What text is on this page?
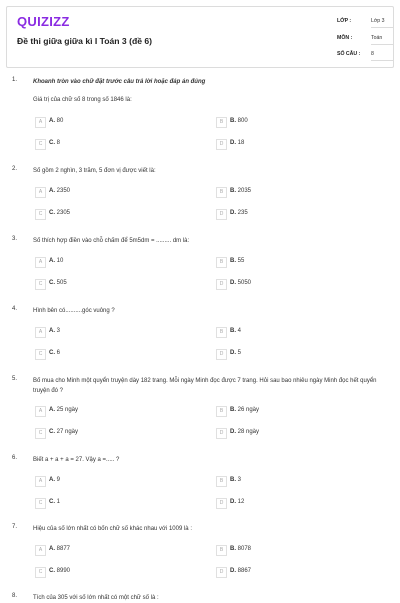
QUIZIZZ
Đề thi giữa giữa kì I Toán 3 (đề 6)
LỚP :	Lớp 3
MÔN :	Toán
SỐ CÂU : 8
1.	Khoanh tròn vào chữ đặt trước câu trả lời hoặc đáp án đúng
Giá trị của chữ số 8 trong số 1846 là:
A	A. 80	B	B. 800
C	C. 8	D	D. 18
2.	Số gồm 2 nghìn, 3 trăm, 5 đơn vị được viết là:
A	A. 2350	B	B. 2035
C	C. 2305	D	D. 235
3.	Số thích hợp điền vào chỗ chấm để 5m5dm = ......... dm là:
A	A. 10	B	B. 55
C	C. 505	D	D. 5050
4.	Hình bên có..........góc vuông ?
A	A. 3	B	B. 4
C	C. 6	D	D. 5
5.	Bố mua cho Minh một quyển truyện dày 182 trang. Mỗi ngày Minh đọc được 7 trang. Hỏi sau bao nhiêu ngày Minh đọc hết quyển truyện đó ?
A	A. 25 ngày	B	B. 26 ngày
C	C. 27 ngày	D	D. 28 ngày
6.	Biết a + a + a = 27. Vậy a =..... ?
A	A. 9	B	B. 3
C	C. 1	D	D. 12
7.	Hiệu của số lớn nhất có bốn chữ số khác nhau với 1009 là :
A	A. 8877	B	B. 8078
C	C. 8990	D	D. 8867
8.	Tích của 305 với số lớn nhất có một chữ số là :
